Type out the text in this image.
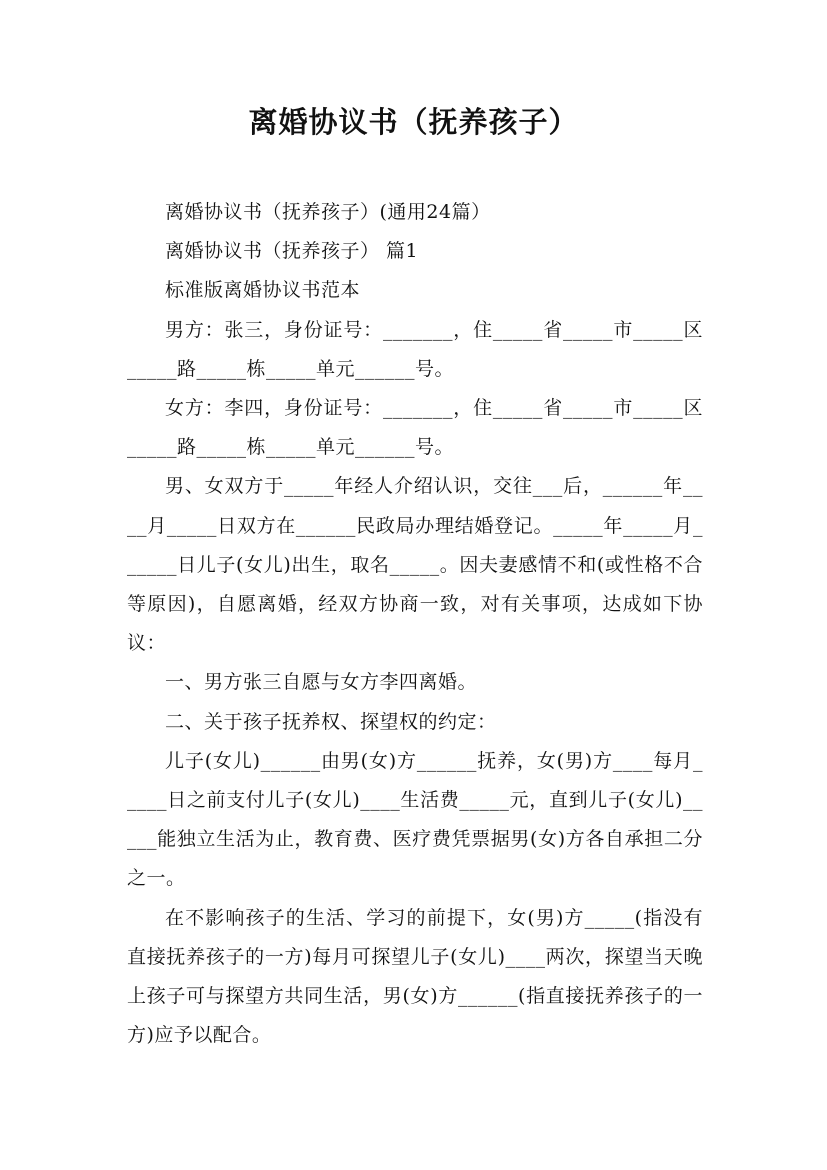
离婚协议书（抚养孩子）

离婚协议书（抚养孩子）(通用24篇）

离婚协议书（抚养孩子） 篇1

标准版离婚协议书范本

男方：张三，身份证号：_______，住_____省_____市_____区_____路_____栋_____单元______号。

女方：李四，身份证号：_______，住_____省_____市_____区_____路_____栋_____单元______号。

男、女双方于_____年经人介绍认识，交往___后，______年____月_____日双方在______民政局办理结婚登记。_____年_____月______日儿子(女儿)出生，取名_____。因夫妻感情不和(或性格不合等原因)，自愿离婚，经双方协商一致，对有关事项，达成如下协议：

一、男方张三自愿与女方李四离婚。

二、关于孩子抚养权、探望权的约定：

儿子(女儿)______由男(女)方______抚养，女(男)方____每月_____日之前支付儿子(女儿)____生活费_____元，直到儿子(女儿)_____能独立生活为止，教育费、医疗费凭票据男(女)方各自承担二分之一。

在不影响孩子的生活、学习的前提下，女(男)方_____(指没有直接抚养孩子的一方)每月可探望儿子(女儿)____两次，探望当天晚上孩子可与探望方共同生活，男(女)方______(指直接抚养孩子的一方)应予以配合。
